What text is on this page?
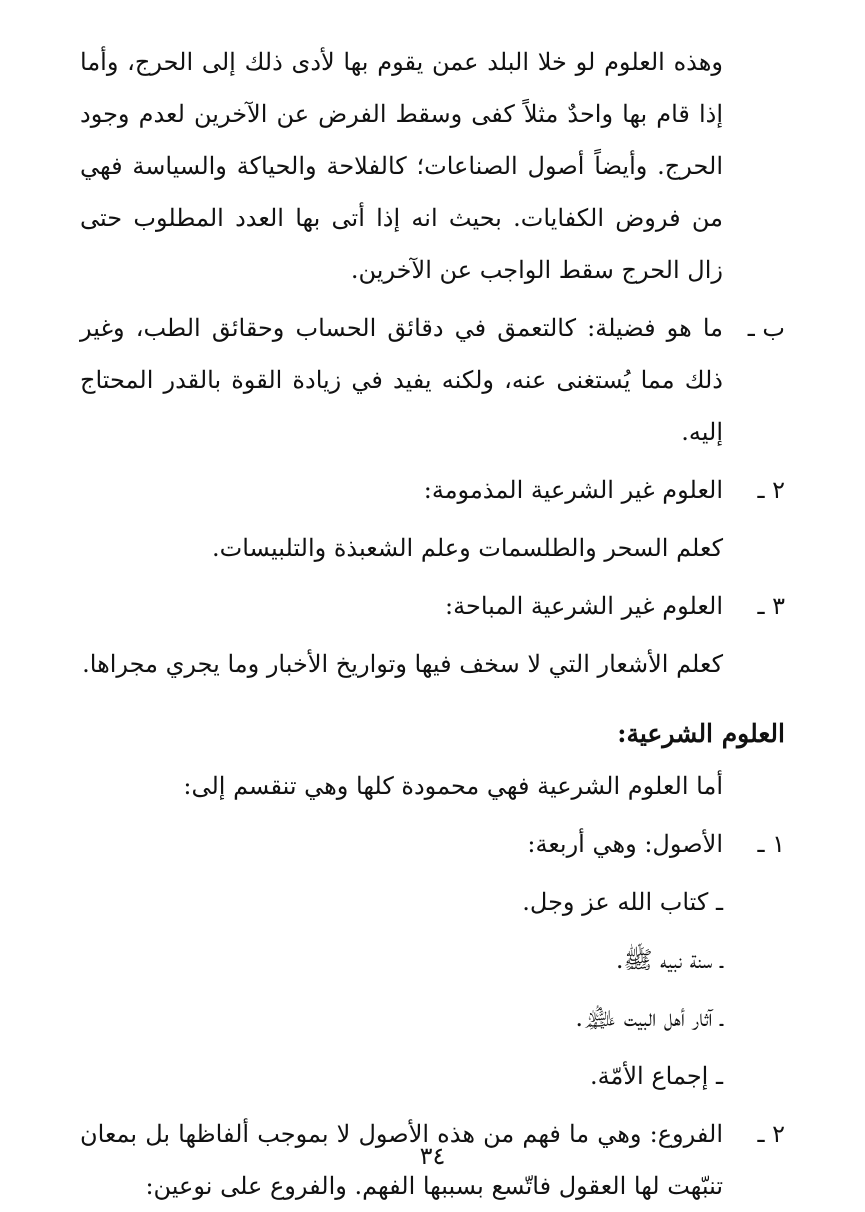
وهذه العلوم لو خلا البلد عمن يقوم بها لأدى ذلك إلى الحرج، وأما إذا قام بها واحدٌ مثلاً كفى وسقط الفرض عن الآخرين لعدم وجود الحرج. وأيضاً أصول الصناعات؛ كالفلاحة والحياكة والسياسة فهي من فروض الكفايات. بحيث انه إذا أتى بها العدد المطلوب حتى زال الحرج سقط الواجب عن الآخرين.

ب ـ
ما هو فضيلة: كالتعمق في دقائق الحساب وحقائق الطب، وغير ذلك مما يُستغنى عنه، ولكنه يفيد في زيادة القوة بالقدر المحتاج إليه.
٢ ـ
العلوم غير الشرعية المذمومة:

كعلم السحر والطلسمات وعلم الشعبذة والتلبيسات.

٣ ـ
العلوم غير الشرعية المباحة:

كعلم الأشعار التي لا سخف فيها وتواريخ الأخبار وما يجري مجراها.

العلوم الشرعية:

أما العلوم الشرعية فهي محمودة كلها وهي تنقسم إلى:

١ ـ
الأصول: وهي أربعة:
ـ كتاب الله عز وجل.
ـ سنة نبيه ﷺ.
ـ آثار أهل البيت ﵈.
ـ إجماع الأمّة.
٢ ـ
الفروع: وهي ما فهم من هذه الأصول لا بموجب ألفاظها بل بمعان تنبّهت لها العقول فاتّسع بسببها الفهم. والفروع على نوعين:
٣٤
